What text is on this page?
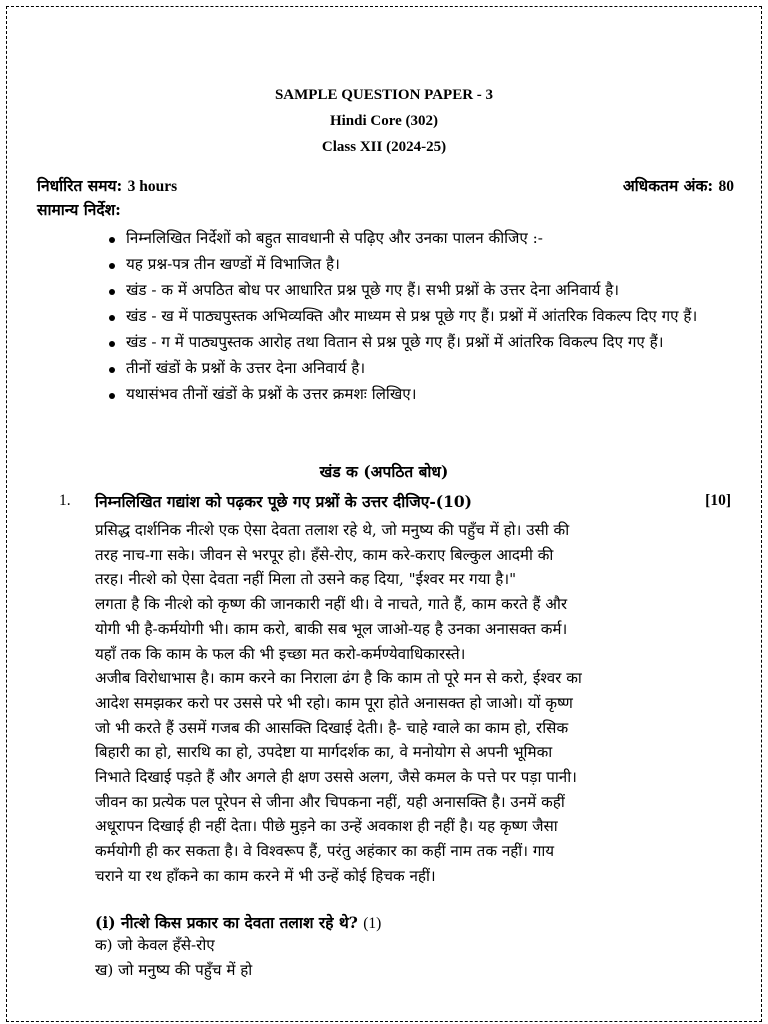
SAMPLE QUESTION PAPER - 3
Hindi Core (302)
Class XII (2024-25)
निर्धारित समय: 3 hours	अधिकतम अंक: 80
सामान्य निर्देश:
निम्नलिखित निर्देशों को बहुत सावधानी से पढ़िए और उनका पालन कीजिए :-
यह प्रश्न-पत्र तीन खण्डों में विभाजित है।
खंड - क में अपठित बोध पर आधारित प्रश्न पूछे गए हैं। सभी प्रश्नों के उत्तर देना अनिवार्य है।
खंड - ख में पाठ्यपुस्तक अभिव्यक्ति और माध्यम से प्रश्न पूछे गए हैं। प्रश्नों में आंतरिक विकल्प दिए गए हैं।
खंड - ग में पाठ्यपुस्तक आरोह तथा वितान से प्रश्न पूछे गए हैं। प्रश्नों में आंतरिक विकल्प दिए गए हैं।
तीनों खंडों के प्रश्नों के उत्तर देना अनिवार्य है।
यथासंभव तीनों खंडों के प्रश्नों के उत्तर क्रमशः लिखिए।
खंड क (अपठित बोध)
1. निम्नलिखित गद्यांश को पढ़कर पूछे गए प्रश्नों के उत्तर दीजिए-(10)	[10]
प्रसिद्ध दार्शनिक नीत्शे एक ऐसा देवता तलाश रहे थे, जो मनुष्य की पहुँच में हो। उसी की
तरह नाच-गा सके। जीवन से भरपूर हो। हँसे-रोए, काम करे-कराए बिल्कुल आदमी की
तरह। नीत्शे को ऐसा देवता नहीं मिला तो उसने कह दिया, "ईश्वर मर गया है।"
लगता है कि नीत्शे को कृष्ण की जानकारी नहीं थी। वे नाचते, गाते हैं, काम करते हैं और
योगी भी है-कर्मयोगी भी। काम करो, बाकी सब भूल जाओ-यह है उनका अनासक्त कर्म।
यहाँ तक कि काम के फल की भी इच्छा मत करो-कर्मण्येवाधिकारस्ते।
अजीब विरोधाभास है। काम करने का निराला ढंग है कि काम तो पूरे मन से करो, ईश्वर का
आदेश समझकर करो पर उससे परे भी रहो। काम पूरा होते अनासक्त हो जाओ। यों कृष्ण
जो भी करते हैं उसमें गजब की आसक्ति दिखाई देती। है- चाहे ग्वाले का काम हो, रसिक
बिहारी का हो, सारथि का हो, उपदेष्टा या मार्गदर्शक का, वे मनोयोग से अपनी भूमिका
निभाते दिखाई पड़ते हैं और अगले ही क्षण उससे अलग, जैसे कमल के पत्ते पर पड़ा पानी।
जीवन का प्रत्येक पल पूरेपन से जीना और चिपकना नहीं, यही अनासक्ति है। उनमें कहीं
अधूरापन दिखाई ही नहीं देता। पीछे मुड़ने का उन्हें अवकाश ही नहीं है। यह कृष्ण जैसा
कर्मयोगी ही कर सकता है। वे विश्वरूप हैं, परंतु अहंकार का कहीं नाम तक नहीं। गाय
चराने या रथ हाँकने का काम करने में भी उन्हें कोई हिचक नहीं।
(i) नीत्शे किस प्रकार का देवता तलाश रहे थे? (1)
क) जो केवल हँसे-रोए
ख) जो मनुष्य की पहुँच में हो
